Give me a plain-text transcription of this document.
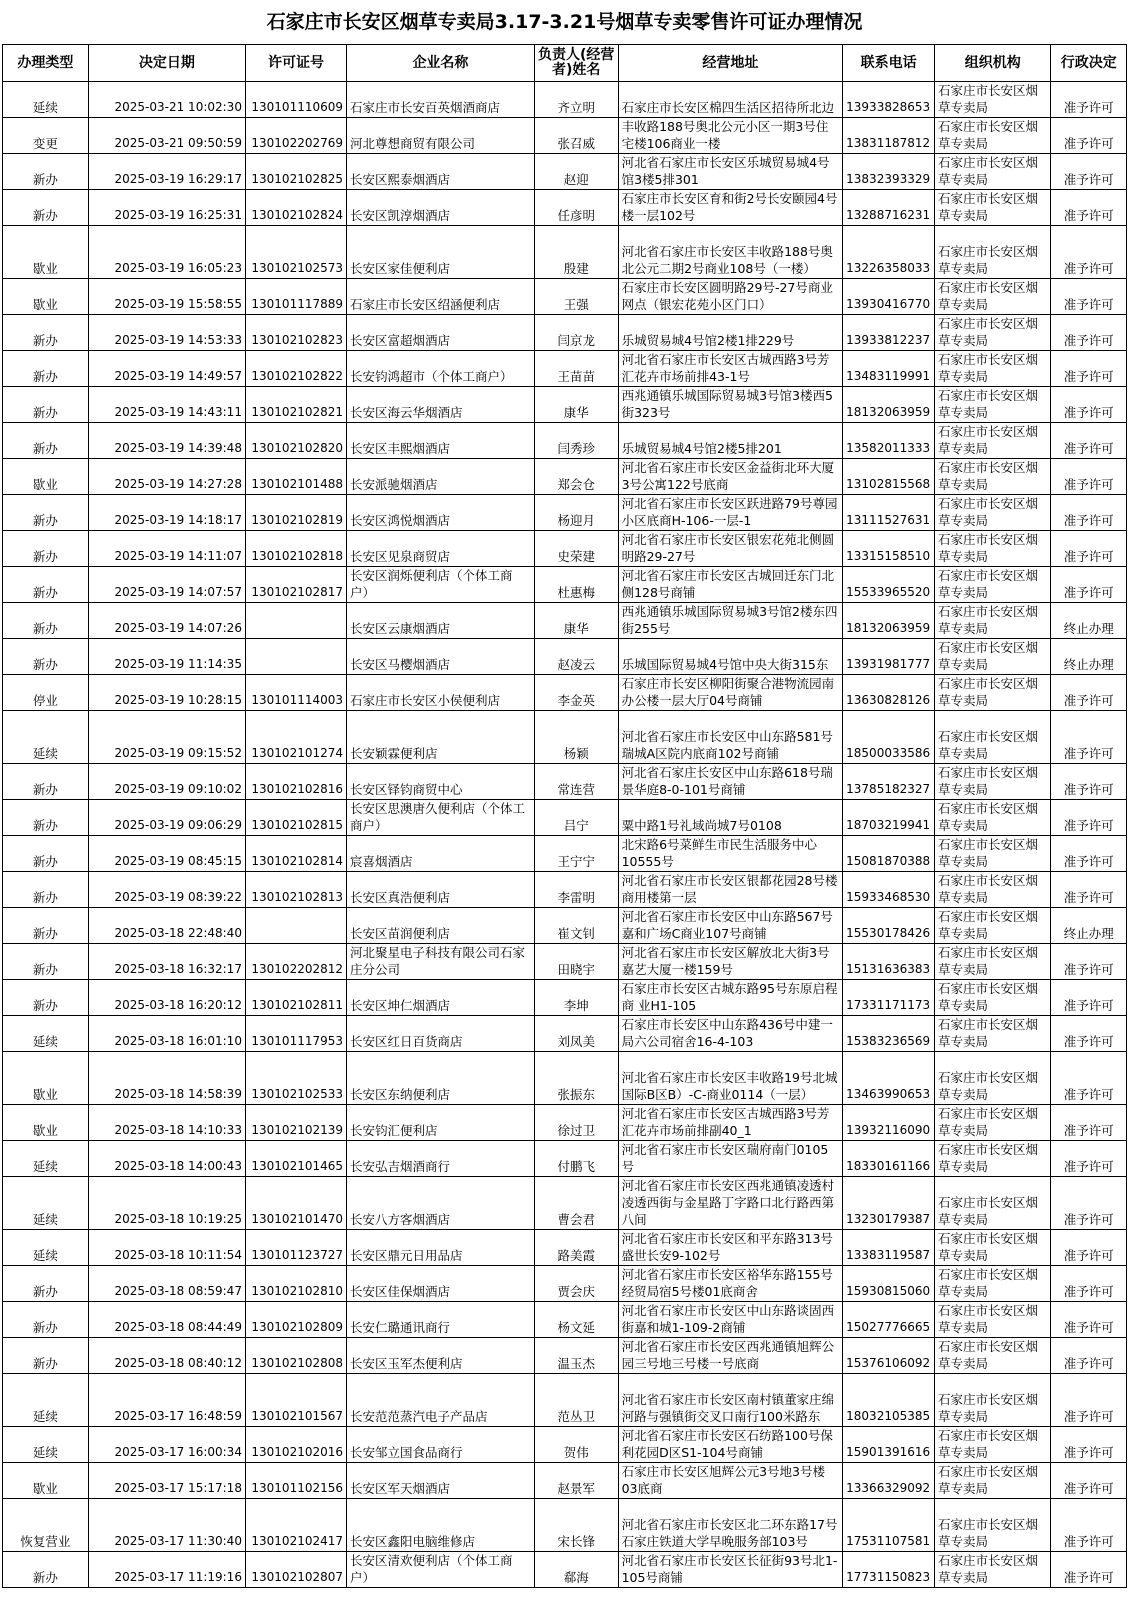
石家庄市长安区烟草专卖局3.17-3.21号烟草专卖零售许可证办理情况
办理类型	决定日期	许可证号	企业名称	负责人(经营者)姓名	经营地址	联系电话	组织机构	行政决定
延续	2025-03-21 10:02:30	130101110609	石家庄市长安百英烟酒商店	齐立明	石家庄市长安区棉四生活区招待所北边	13933828653	石家庄市长安区烟草专卖局	准予许可
变更	2025-03-21 09:50:59	130102202769	河北尊想商贸有限公司	张召威	丰收路188号奥北公元小区一期3号住宅楼106商业一楼	13831187812	石家庄市长安区烟草专卖局	准予许可
新办	2025-03-19 16:29:17	130102102825	长安区熙泰烟酒店	赵迎	河北省石家庄市长安区乐城贸易城4号馆3楼5排301	13832393329	石家庄市长安区烟草专卖局	准予许可
新办	2025-03-19 16:25:31	130102102824	长安区凯淳烟酒店	任彦明	石家庄市长安区育和街2号长安颐园4号楼一层102号	13288716231	石家庄市长安区烟草专卖局	准予许可
歇业	2025-03-19 16:05:23	130102102573	长安区家佳便利店	殷建	河北省石家庄市长安区丰收路188号奥北公元二期2号商业108号（一楼）	13226358033	石家庄市长安区烟草专卖局	准予许可
歇业	2025-03-19 15:58:55	130101117889	石家庄市长安区绍涵便利店	王强	石家庄市长安区圆明路29号-27号商业网点（银宏花苑小区门口）	13930416770	石家庄市长安区烟草专卖局	准予许可
新办	2025-03-19 14:53:33	130102102823	长安区富超烟酒店	闫京龙	乐城贸易城4号馆2楼1排229号	13933812237	石家庄市长安区烟草专卖局	准予许可
新办	2025-03-19 14:49:57	130102102822	长安钧鸿超市（个体工商户）	王苗苗	河北省石家庄市长安区古城西路3号芳汇花卉市场前排43-1号	13483119991	石家庄市长安区烟草专卖局	准予许可
新办	2025-03-19 14:43:11	130102102821	长安区海云华烟酒店	康华	西兆通镇乐城国际贸易城3号馆3楼西5街323号	18132063959	石家庄市长安区烟草专卖局	准予许可
新办	2025-03-19 14:39:48	130102102820	长安区丰熙烟酒店	闫秀珍	乐城贸易城4号馆2楼5排201	13582011333	石家庄市长安区烟草专卖局	准予许可
歇业	2025-03-19 14:27:28	130102101488	长安派驰烟酒店	郑会仓	河北省石家庄市长安区金益街北环大厦3号公寓122号底商	13102815568	石家庄市长安区烟草专卖局	准予许可
新办	2025-03-19 14:18:17	130102102819	长安区鸿悦烟酒店	杨迎月	河北省石家庄市长安区跃进路79号尊园小区底商H-106-一层-1	13111527631	石家庄市长安区烟草专卖局	准予许可
新办	2025-03-19 14:11:07	130102102818	长安区见泉商贸店	史荣建	河北省石家庄市长安区银宏花苑北侧圆明路29-27号	13315158510	石家庄市长安区烟草专卖局	准予许可
新办	2025-03-19 14:07:57	130102102817	长安区润烁便利店（个体工商户）	杜惠梅	河北省石家庄市长安区古城回迁东门北侧128号商铺	15533965520	石家庄市长安区烟草专卖局	准予许可
新办	2025-03-19 14:07:26		长安区云康烟酒店	康华	西兆通镇乐城国际贸易城3号馆2楼东四街255号	18132063959	石家庄市长安区烟草专卖局	终止办理
新办	2025-03-19 11:14:35		长安区马樱烟酒店	赵凌云	乐城国际贸易城4号馆中央大街315东	13931981777	石家庄市长安区烟草专卖局	终止办理
停业	2025-03-19 10:28:15	130101114003	石家庄市长安区小侯便利店	李金英	石家庄市长安区柳阳街聚合港物流园南办公楼一层大厅04号商铺	13630828126	石家庄市长安区烟草专卖局	准予许可
延续	2025-03-19 09:15:52	130102101274	长安颖霖便利店	杨颖	河北省石家庄市长安区中山东路581号瑞城A区院内底商102号商铺	18500033586	石家庄市长安区烟草专卖局	准予许可
新办	2025-03-19 09:10:02	130102102816	长安区铎钧商贸中心	常连营	河北省石家庄长安区中山东路618号瑞景华庭8-0-101号商铺	13785182327	石家庄市长安区烟草专卖局	准予许可
新办	2025-03-19 09:06:29	130102102815	长安区思澳唐久便利店（个体工商户）	吕宁	粟中路1号礼域尚城7号0108	18703219941	石家庄市长安区烟草专卖局	准予许可
新办	2025-03-19 08:45:15	130102102814	宸喜烟酒店	王宁宁	北宋路6号菜鲜生市民生活服务中心10555号	15081870388	石家庄市长安区烟草专卖局	准予许可
新办	2025-03-19 08:39:22	130102102813	长安区真浩便利店	李雷明	河北省石家庄市长安区银都花园28号楼商用楼第一层	15933468530	石家庄市长安区烟草专卖局	准予许可
新办	2025-03-18 22:48:40		长安区苗润便利店	崔文钊	河北省石家庄市长安区中山东路567号嘉和广场C商业107号商铺	15530178426	石家庄市长安区烟草专卖局	终止办理
新办	2025-03-18 16:32:17	130102202812	河北聚星电子科技有限公司石家庄分公司	田晓宇	河北省石家庄市长安区解放北大街3号嘉艺大厦一楼159号	15131636383	石家庄市长安区烟草专卖局	准予许可
新办	2025-03-18 16:20:12	130102102811	长安区坤仁烟酒店	李坤	石家庄市长安区古城东路95号东原启程商 业H1-105	17331171173	石家庄市长安区烟草专卖局	准予许可
延续	2025-03-18 16:01:10	130101117953	长安区红日百货商店	刘凤美	石家庄市长安区中山东路436号中建一局六公司宿舍16-4-103	15383236569	石家庄市长安区烟草专卖局	准予许可
歇业	2025-03-18 14:58:39	130102102533	长安区东纳便利店	张振东	河北省石家庄市长安区丰收路19号北城国际B区B）-C-商业0114（一层）	13463990653	石家庄市长安区烟草专卖局	准予许可
歇业	2025-03-18 14:10:33	130102102139	长安钧汇便利店	徐过卫	河北省石家庄市长安区古城西路3号芳汇花卉市场前排副40_1	13932116090	石家庄市长安区烟草专卖局	准予许可
延续	2025-03-18 14:00:43	130102101465	长安弘吉烟酒商行	付鹏飞	河北省石家庄市长安区瑞府南门0105号	18330161166	石家庄市长安区烟草专卖局	准予许可
延续	2025-03-18 10:19:25	130102101470	长安八方客烟酒店	曹会君	河北省石家庄市长安区西兆通镇凌透村凌透西街与金星路丁字路口北行路西第八间	13230179387	石家庄市长安区烟草专卖局	准予许可
延续	2025-03-18 10:11:54	130101123727	长安区鼎元日用品店	路美霞	河北省石家庄市长安区和平东路313号盛世长安9-102号	13383119587	石家庄市长安区烟草专卖局	准予许可
新办	2025-03-18 08:59:47	130102102810	长安区佳保烟酒店	贾会庆	河北省石家庄市长安区裕华东路155号经贸局宿5号楼01底商舍	15930815060	石家庄市长安区烟草专卖局	准予许可
新办	2025-03-18 08:44:49	130102102809	长安仁璐通讯商行	杨文延	河北省石家庄市长安区中山东路谈固西街嘉和城1-109-2商铺	15027776665	石家庄市长安区烟草专卖局	准予许可
新办	2025-03-18 08:40:12	130102102808	长安区玉军杰便利店	温玉杰	河北省石家庄市长安区西兆通镇旭辉公园三号地三号楼一号底商	15376106092	石家庄市长安区烟草专卖局	准予许可
延续	2025-03-17 16:48:59	130102101567	长安范范蒸汽电子产品店	范丛卫	河北省石家庄市长安区南村镇董家庄绵河路与强镇街交叉口南行100米路东	18032105385	石家庄市长安区烟草专卖局	准予许可
延续	2025-03-17 16:00:34	130102102016	长安邹立国食品商行	贺伟	河北省石家庄市长安区石纺路100号保利花园D区S1-104号商铺	15901391616	石家庄市长安区烟草专卖局	准予许可
歇业	2025-03-17 15:17:18	130101102156	长安区军天烟酒店	赵景军	石家庄市长安区旭辉公元3号地3号楼03底商	13366329092	石家庄市长安区烟草专卖局	准予许可
恢复营业	2025-03-17 11:30:40	130102102417	长安区鑫阳电脑维修店	宋长锋	河北省石家庄市长安区北二环东路17号石家庄铁道大学早晚服务部103号	17531107581	石家庄市长安区烟草专卖局	准予许可
新办	2025-03-17 11:19:16	130102102807	长安区清欢便利店（个体工商户）	郗海	河北省石家庄市长安区长征街93号北1-105号商铺	17731150823	石家庄市长安区烟草专卖局	准予许可
